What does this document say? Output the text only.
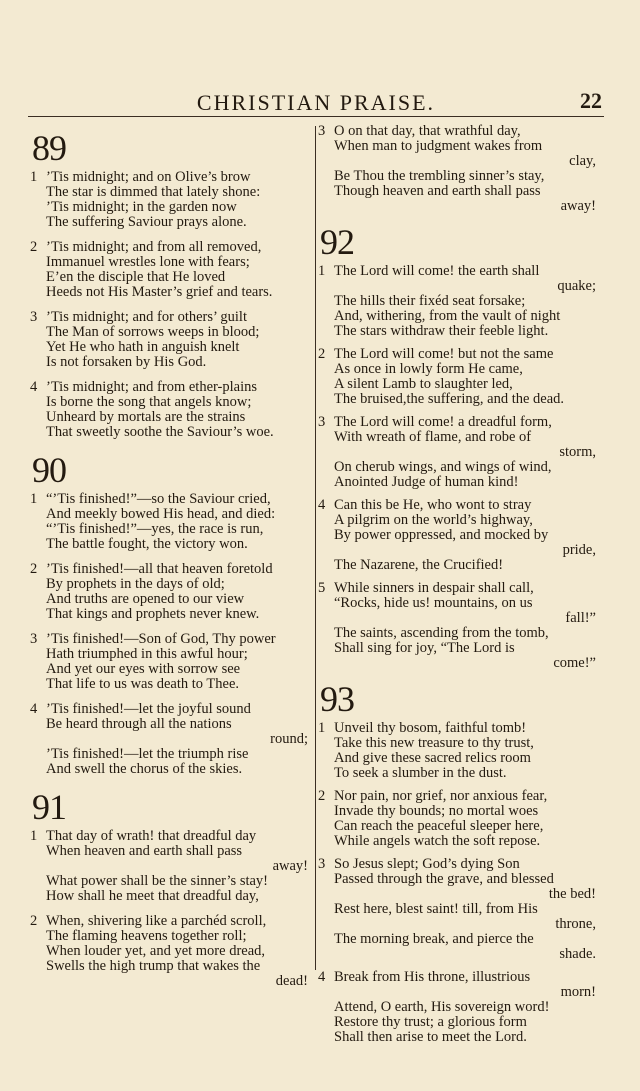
CHRISTIAN PRAISE.	22
89
1 ’Tis midnight; and on Olive’s brow
The star is dimmed that lately shone:
’Tis midnight; in the garden now
The suffering Saviour prays alone.
2 ’Tis midnight; and from all removed,
Immanuel wrestles lone with fears;
E’en the disciple that He loved
Heeds not His Master’s grief and tears.
3 ’Tis midnight; and for others’ guilt
The Man of sorrows weeps in blood;
Yet He who hath in anguish knelt
Is not forsaken by His God.
4 ’Tis midnight; and from ether-plains
Is borne the song that angels know;
Unheard by mortals are the strains
That sweetly soothe the Saviour’s woe.
90
1 “’Tis finished!”—so the Saviour cried,
And meekly bowed His head, and died:
“’Tis finished!”—yes, the race is run,
The battle fought, the victory won.
2 ’Tis finished!—all that heaven foretold
By prophets in the days of old;
And truths are opened to our view
That kings and prophets never knew.
3 ’Tis finished!—Son of God, Thy power
Hath triumphed in this awful hour;
And yet our eyes with sorrow see
That life to us was death to Thee.
4 ’Tis finished!—let the joyful sound
Be heard through all the nations
round;
’Tis finished!—let the triumph rise
And swell the chorus of the skies.
91
1 That day of wrath! that dreadful day
When heaven and earth shall pass
away!
What power shall be the sinner’s stay!
How shall he meet that dreadful day,
2 When, shivering like a parchéd scroll,
The flaming heavens together roll;
When louder yet, and yet more dread,
Swells the high trump that wakes the
dead!
3 O on that day, that wrathful day,
When man to judgment wakes from
clay,
Be Thou the trembling sinner’s stay,
Though heaven and earth shall pass
away!
92
1 The Lord will come! the earth shall
quake;
The hills their fixéd seat forsake;
And, withering, from the vault of night
The stars withdraw their feeble light.
2 The Lord will come! but not the same
As once in lowly form He came,
A silent Lamb to slaughter led,
The bruised,the suffering, and the dead.
3 The Lord will come! a dreadful form,
With wreath of flame, and robe of
storm,
On cherub wings, and wings of wind,
Anointed Judge of human kind!
4 Can this be He, who wont to stray
A pilgrim on the world’s highway,
By power oppressed, and mocked by
pride,
The Nazarene, the Crucified!
5 While sinners in despair shall call,
“Rocks, hide us! mountains, on us
fall!”
The saints, ascending from the tomb,
Shall sing for joy, “The Lord is
come!”
93
1 Unveil thy bosom, faithful tomb!
Take this new treasure to thy trust,
And give these sacred relics room
To seek a slumber in the dust.
2 Nor pain, nor grief, nor anxious fear,
Invade thy bounds; no mortal woes
Can reach the peaceful sleeper here,
While angels watch the soft repose.
3 So Jesus slept; God’s dying Son
Passed through the grave, and blessed
the bed!
Rest here, blest saint! till, from His
throne,
The morning break, and pierce the
shade.
4 Break from His throne, illustrious
morn!
Attend, O earth, His sovereign word!
Restore thy trust; a glorious form
Shall then arise to meet the Lord.
